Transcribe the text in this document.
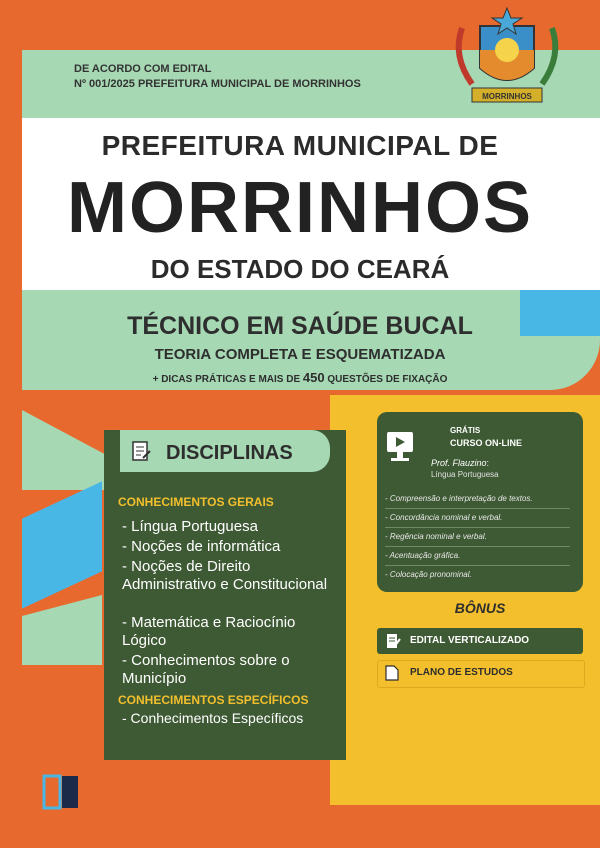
DE ACORDO COM EDITAL
Nº 001/2025 PREFEITURA MUNICIPAL DE MORRINHOS
MORRINHOS
PREFEITURA MUNICIPAL DE
MORRINHOS
DO ESTADO DO CEARÁ
TÉCNICO EM SAÚDE BUCAL
TEORIA COMPLETA E ESQUEMATIZADA
+ DICAS PRÁTICAS E MAIS DE 450 QUESTÕES DE FIXAÇÃO
DISCIPLINAS
CONHECIMENTOS GERAIS
- Língua Portuguesa
- Noções de informática
- Noções de Direito Administrativo e Constitucional
- Matemática e Raciocínio Lógico
- Conhecimentos sobre o Município
CONHECIMENTOS ESPECÍFICOS
- Conhecimentos Específicos
GRÁTIS
CURSO ON-LINE
Prof. Flauzino:
Língua Portuguesa
- Compreensão e interpretação de textos.
- Concordância nominal e verbal.
- Regência nominal e verbal.
- Acentuação gráfica.
- Colocação pronominal.
BÔNUS
EDITAL VERTICALIZADO
PLANO DE ESTUDOS
